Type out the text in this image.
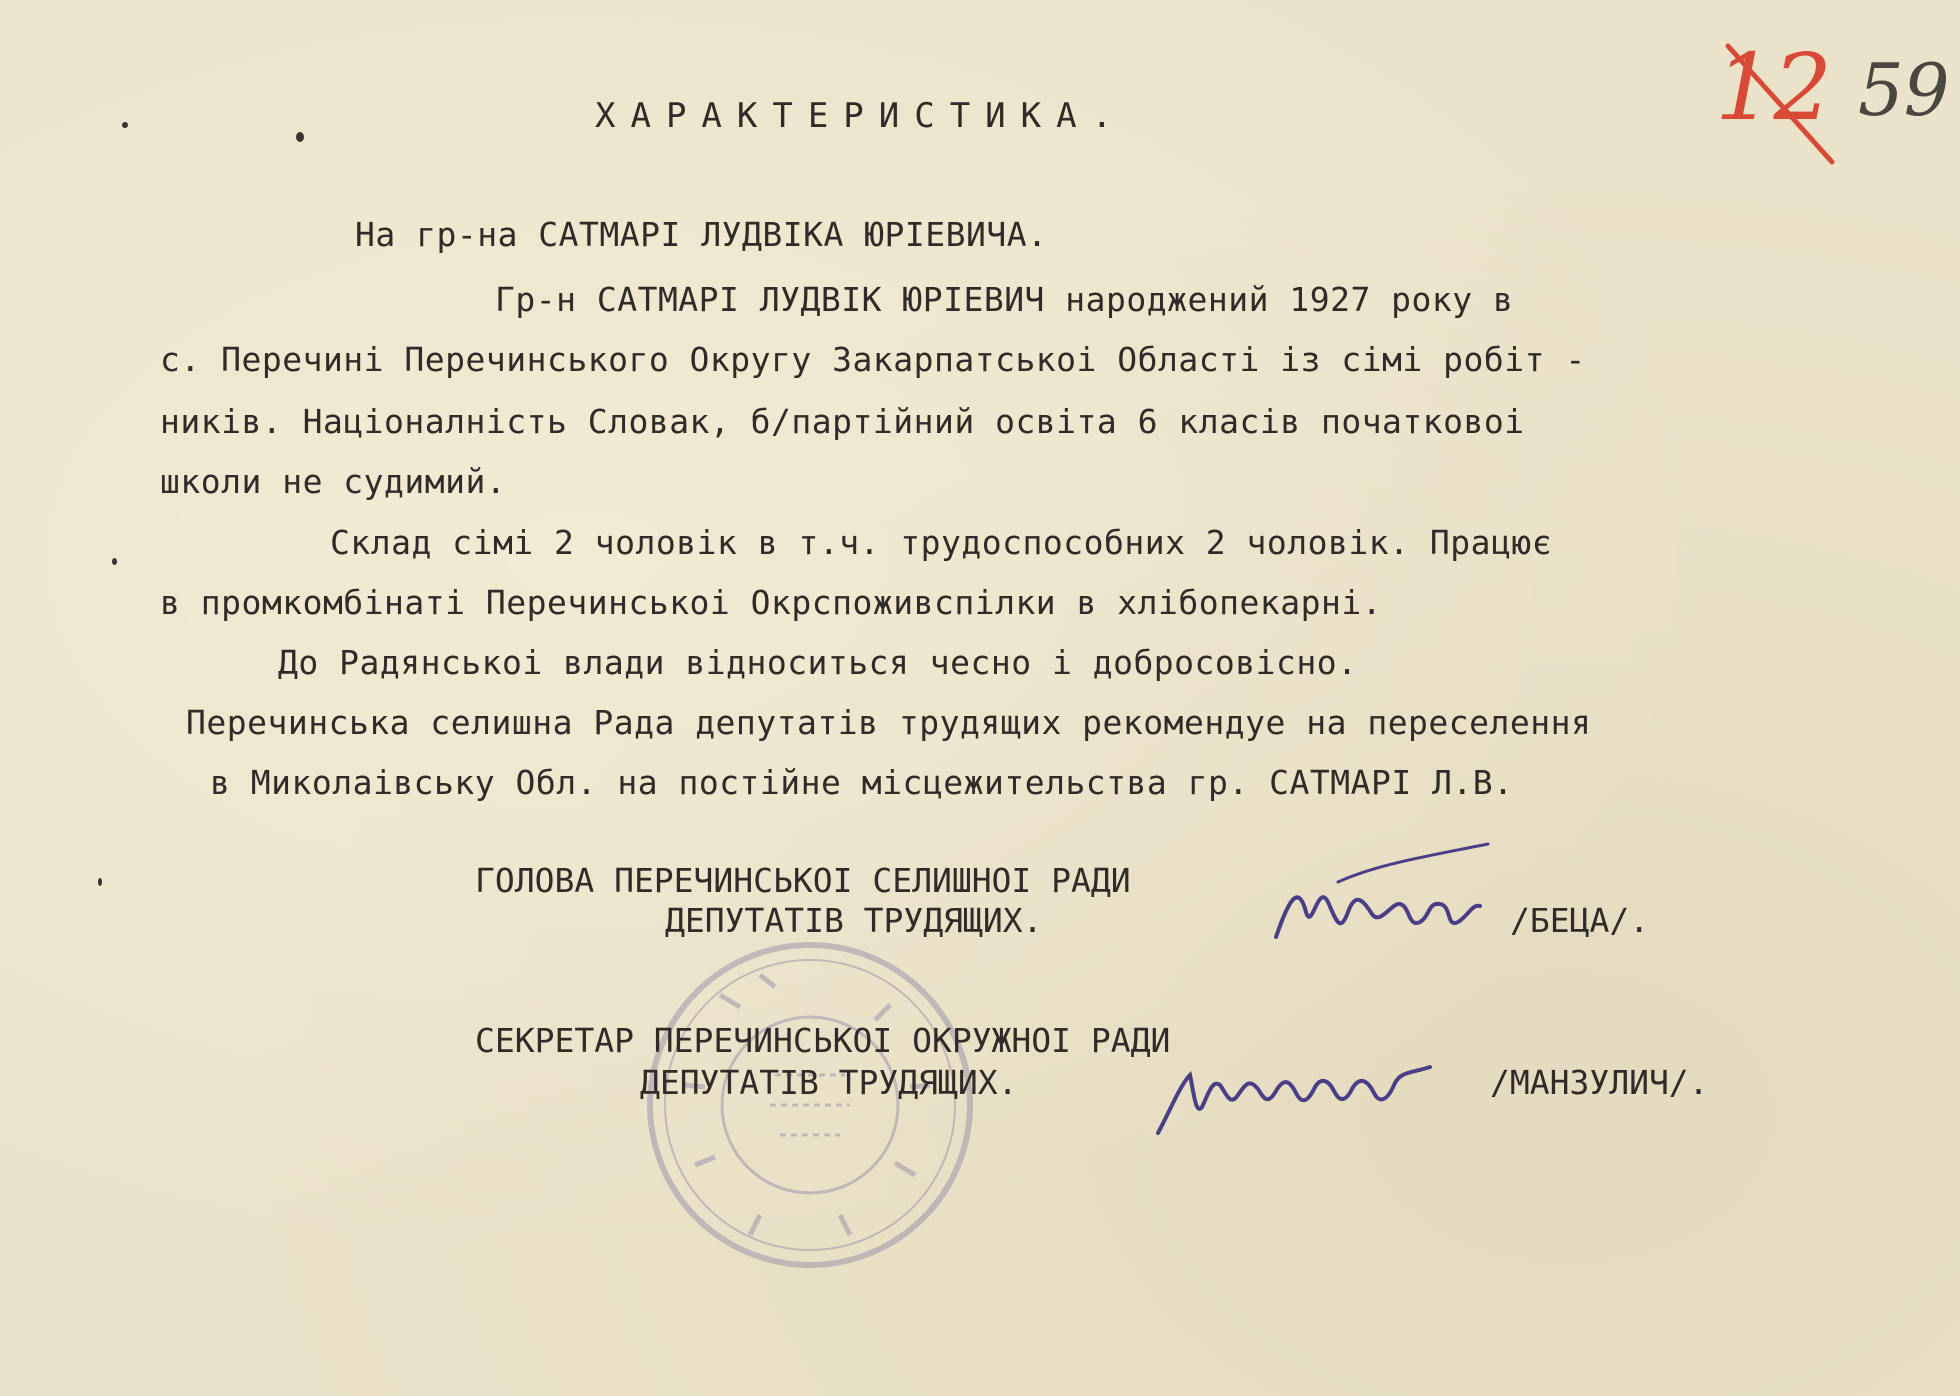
12 59
ХАРАКТЕРИСТИКА.
На гр-на САТМАРІ ЛУДВІКА ЮРІЕВИЧА.
Гр-н САТМАРІ ЛУДВІК ЮРІЕВИЧ народжений 1927 року в
с. Перечині Перечинського Округу Закарпатськоі Області із сімі робіт -
ників. Націоналність Словак, б/партійний освіта 6 класів початковоі
школи не судимий.
Склад сімі 2 чоловік в т.ч. трудоспособних 2 чоловік. Працює
в промкомбінаті Перечинськоі Окрспоживспілки в хлібопекарні.
До Радянськоі влади відноситься чесно і добросовісно.
Перечинська селишна Рада депутатів трудящих рекомендуе на переселення
в Миколаівську Обл. на постійне місцежительства гр. САТМАРІ Л.В.
ГОЛОВА ПЕРЕЧИНСЬКОІ СЕЛИШНОІ РАДИ
ДЕПУТАТІВ ТРУДЯЩИХ.	/БЕЦА/.
СЕКРЕТАР ПЕРЕЧИНСЬКОІ ОКРУЖНОІ РАДИ
ДЕПУТАТІВ ТРУДЯЩИХ.	/МАНЗУЛИЧ/.
